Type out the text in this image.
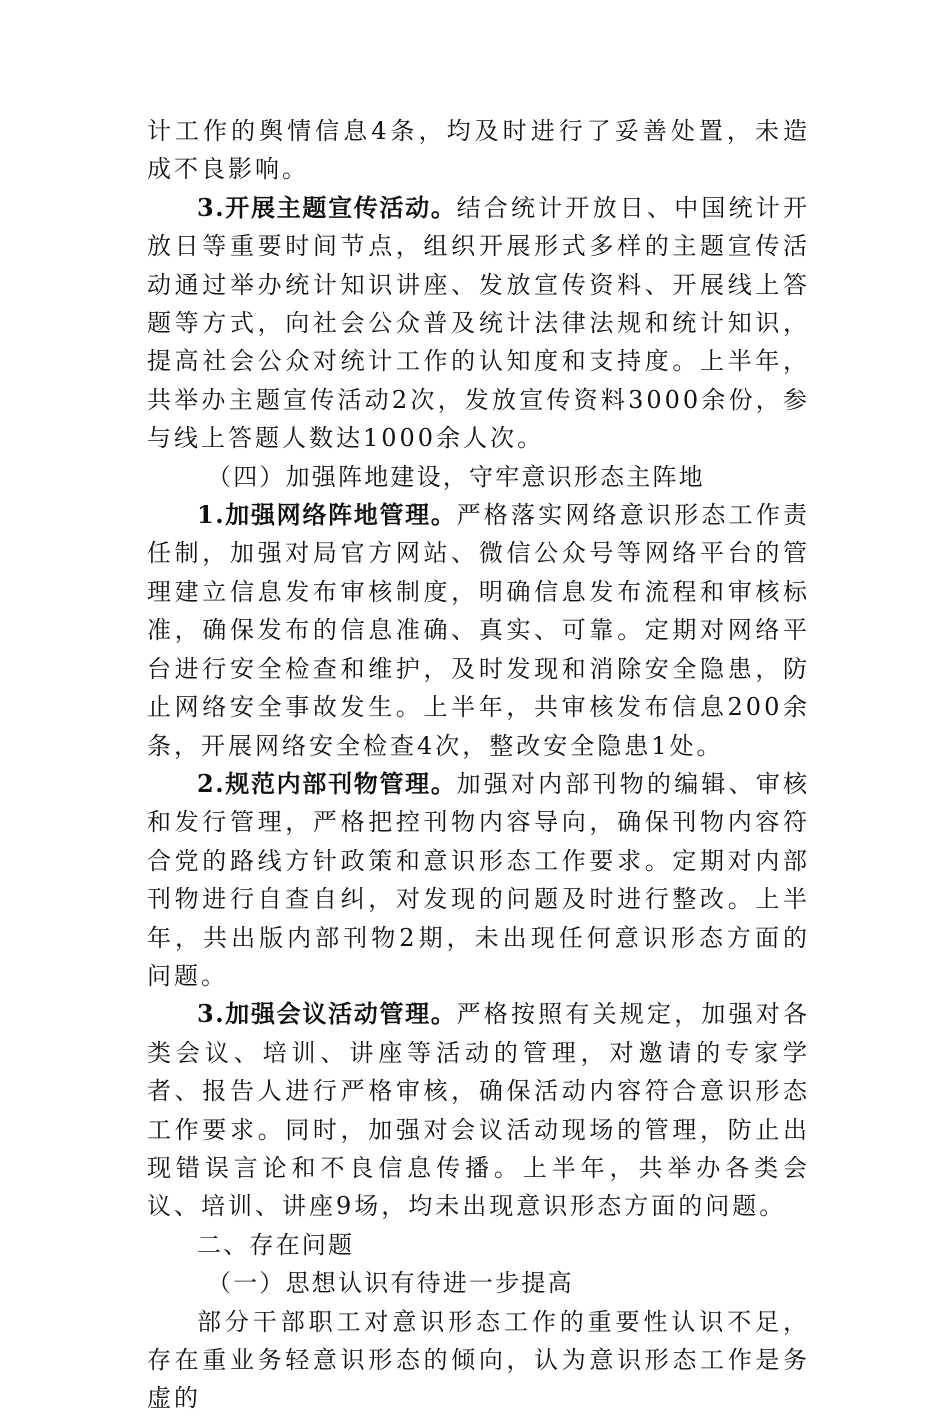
计工作的舆情信息4条，均及时进行了妥善处置，未造成不良影响。

3.开展主题宣传活动。结合统计开放日、中国统计开放日等重要时间节点，组织开展形式多样的主题宣传活动通过举办统计知识讲座、发放宣传资料、开展线上答题等方式，向社会公众普及统计法律法规和统计知识，提高社会公众对统计工作的认知度和支持度。上半年，共举办主题宣传活动2次，发放宣传资料3000余份，参与线上答题人数达1000余人次。

（四）加强阵地建设，守牢意识形态主阵地

1.加强网络阵地管理。严格落实网络意识形态工作责任制，加强对局官方网站、微信公众号等网络平台的管理建立信息发布审核制度，明确信息发布流程和审核标准，确保发布的信息准确、真实、可靠。定期对网络平台进行安全检查和维护，及时发现和消除安全隐患，防止网络安全事故发生。上半年，共审核发布信息200余条，开展网络安全检查4次，整改安全隐患1处。

2.规范内部刊物管理。加强对内部刊物的编辑、审核和发行管理，严格把控刊物内容导向，确保刊物内容符合党的路线方针政策和意识形态工作要求。定期对内部刊物进行自查自纠，对发现的问题及时进行整改。上半年，共出版内部刊物2期，未出现任何意识形态方面的问题。

3.加强会议活动管理。严格按照有关规定，加强对各类会议、培训、讲座等活动的管理，对邀请的专家学者、报告人进行严格审核，确保活动内容符合意识形态工作要求。同时，加强对会议活动现场的管理，防止出现错误言论和不良信息传播。上半年，共举办各类会议、培训、讲座9场，均未出现意识形态方面的问题。

二、存在问题

（一）思想认识有待进一步提高

部分干部职工对意识形态工作的重要性认识不足，存在重业务轻意识形态的倾向，认为意识形态工作是务虚的
